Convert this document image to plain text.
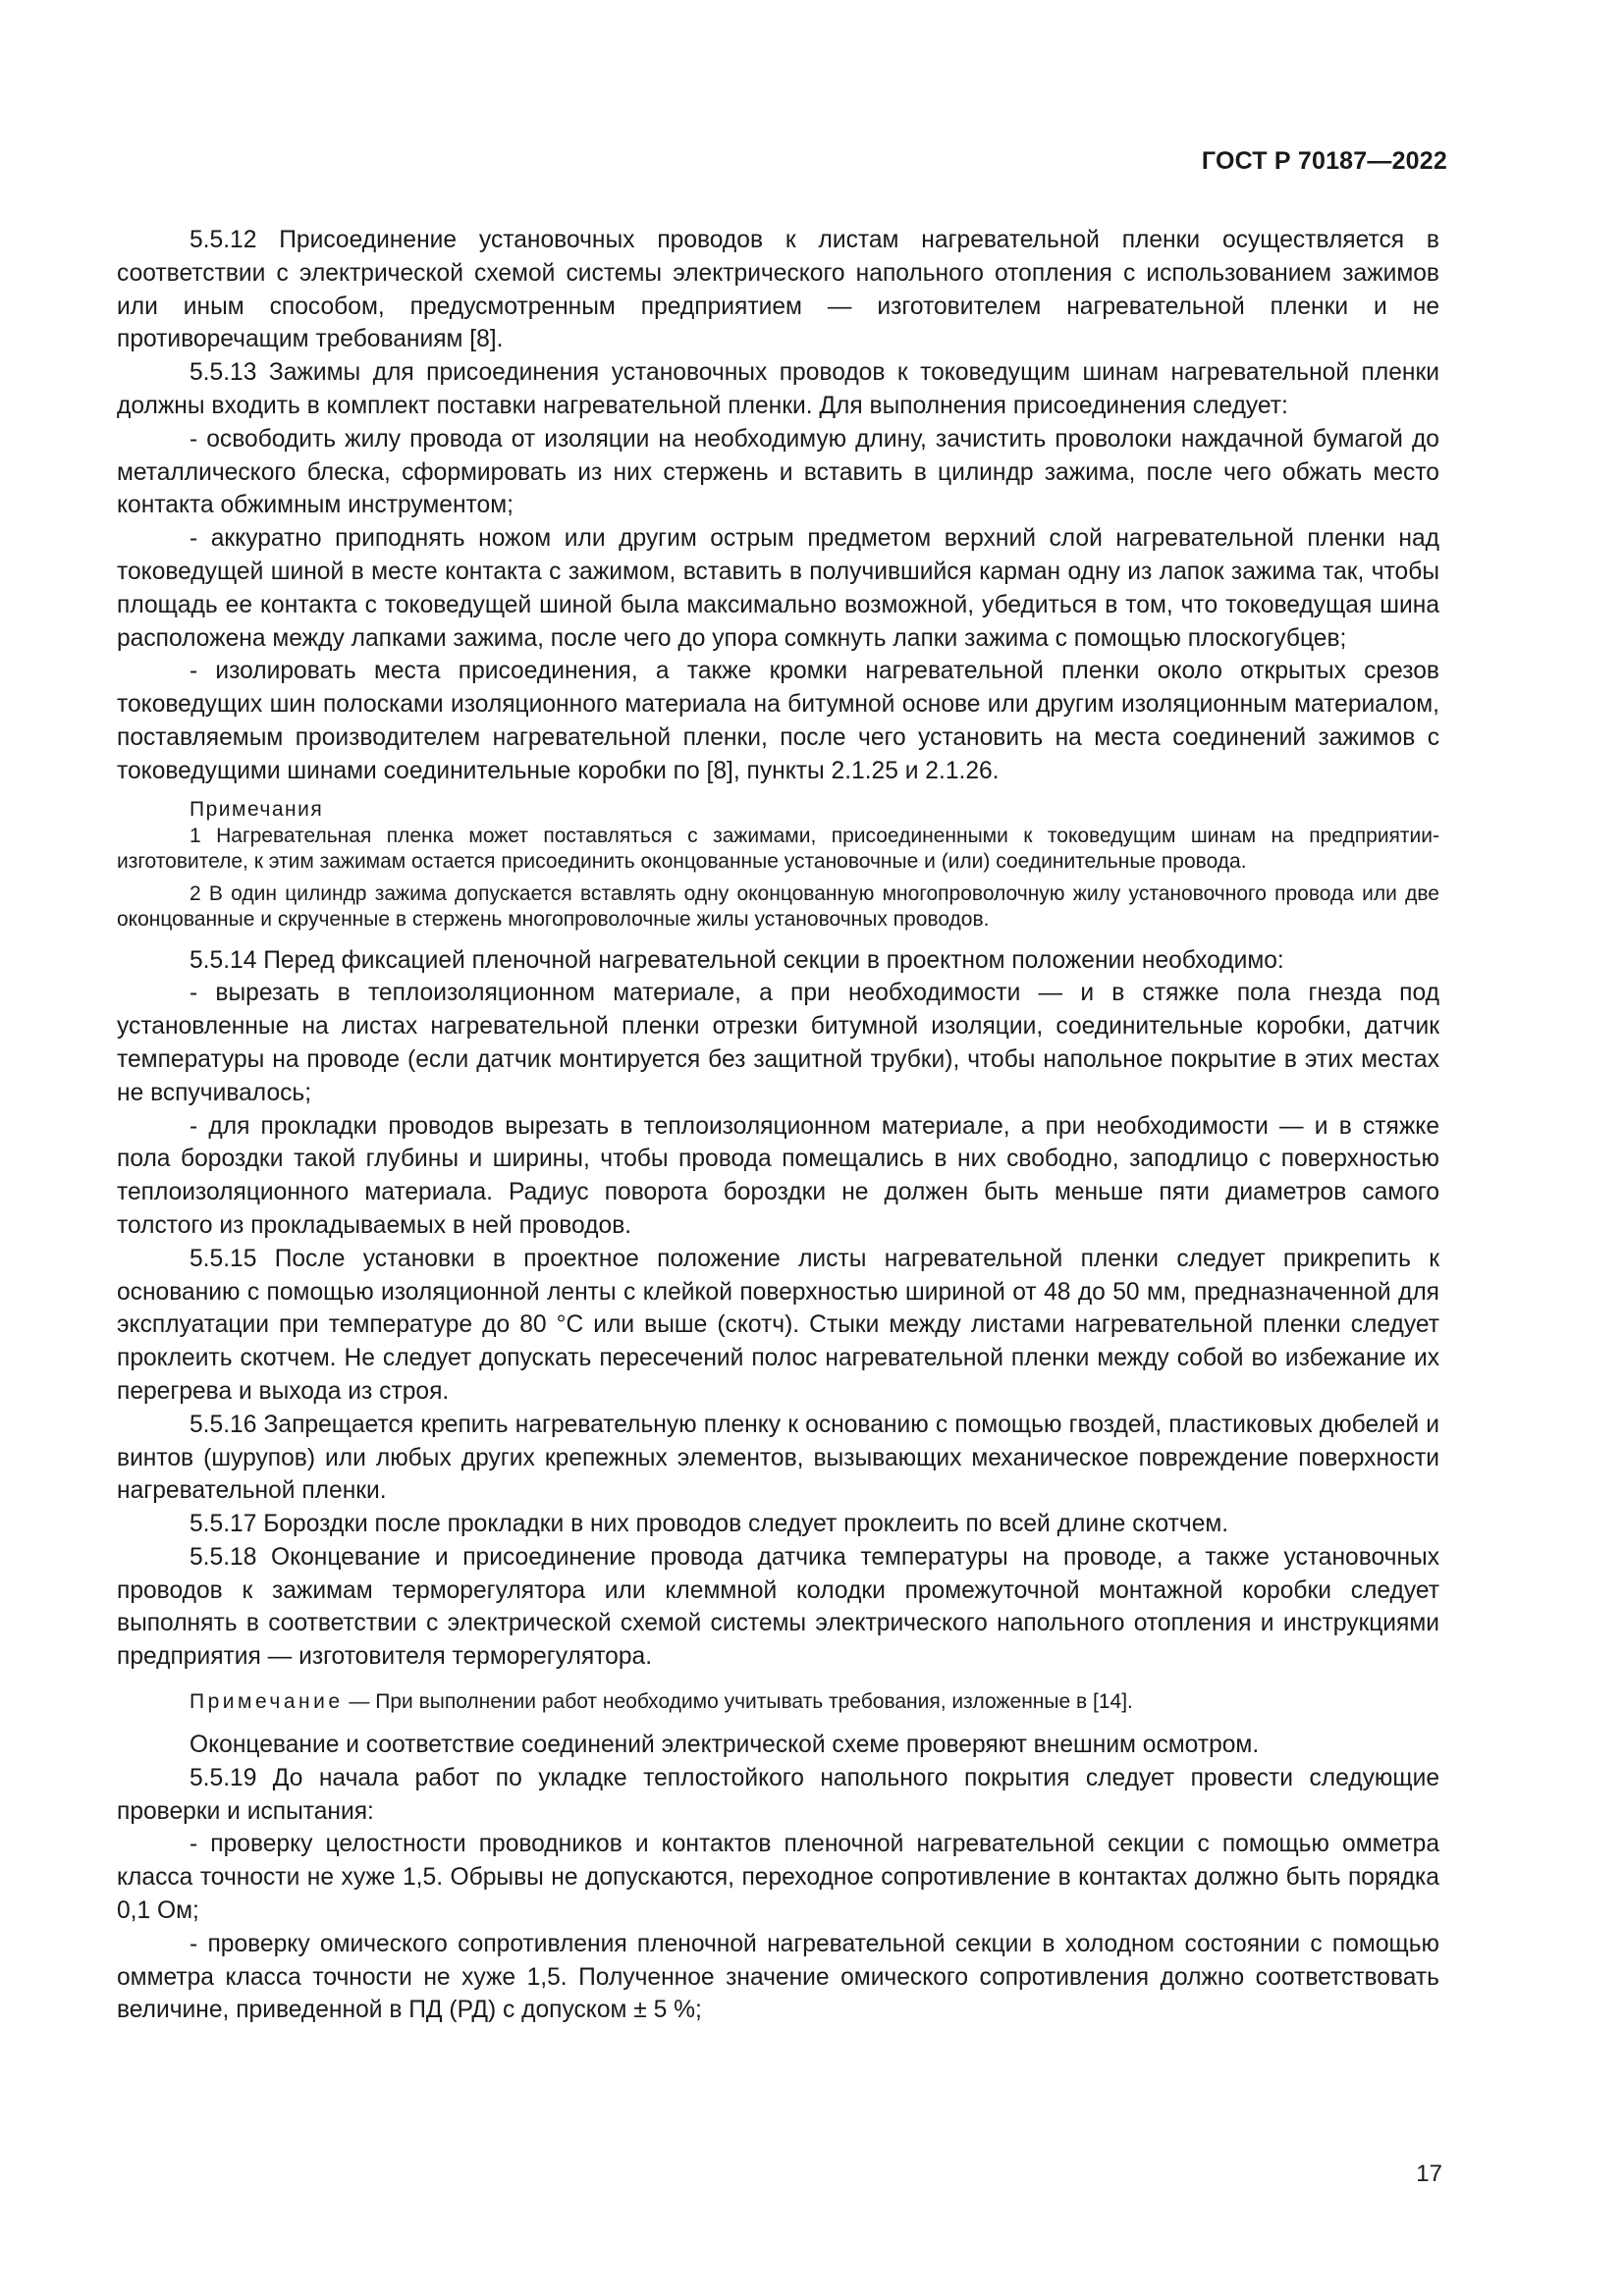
ГОСТ Р 70187—2022

5.5.12 Присоединение установочных проводов к листам нагревательной пленки осуществляется в соответствии с электрической схемой системы электрического напольного отопления с использованием зажимов или иным способом, предусмотренным предприятием — изготовителем нагревательной пленки и не противоречащим требованиям [8].

5.5.13 Зажимы для присоединения установочных проводов к токоведущим шинам нагревательной пленки должны входить в комплект поставки нагревательной пленки. Для выполнения присоединения следует:

- освободить жилу провода от изоляции на необходимую длину, зачистить проволоки наждачной бумагой до металлического блеска, сформировать из них стержень и вставить в цилиндр зажима, после чего обжать место контакта обжимным инструментом;

- аккуратно приподнять ножом или другим острым предметом верхний слой нагревательной пленки над токоведущей шиной в месте контакта с зажимом, вставить в получившийся карман одну из лапок зажима так, чтобы площадь ее контакта с токоведущей шиной была максимально возможной, убедиться в том, что токоведущая шина расположена между лапками зажима, после чего до упора сомкнуть лапки зажима с помощью плоскогубцев;

- изолировать места присоединения, а также кромки нагревательной пленки около открытых срезов токоведущих шин полосками изоляционного материала на битумной основе или другим изоляционным материалом, поставляемым производителем нагревательной пленки, после чего установить на места соединений зажимов с токоведущими шинами соединительные коробки по [8], пункты 2.1.25 и 2.1.26.

Примечания
1 Нагревательная пленка может поставляться с зажимами, присоединенными к токоведущим шинам на предприятии-изготовителе, к этим зажимам остается присоединить оконцованные установочные и (или) соединительные провода.
2 В один цилиндр зажима допускается вставлять одну оконцованную многопроволочную жилу установочного провода или две оконцованные и скрученные в стержень многопроволочные жилы установочных проводов.

5.5.14 Перед фиксацией пленочной нагревательной секции в проектном положении необходимо:

- вырезать в теплоизоляционном материале, а при необходимости — и в стяжке пола гнезда под установленные на листах нагревательной пленки отрезки битумной изоляции, соединительные коробки, датчик температуры на проводе (если датчик монтируется без защитной трубки), чтобы напольное покрытие в этих местах не вспучивалось;

- для прокладки проводов вырезать в теплоизоляционном материале, а при необходимости — и в стяжке пола бороздки такой глубины и ширины, чтобы провода помещались в них свободно, заподлицо с поверхностью теплоизоляционного материала. Радиус поворота бороздки не должен быть меньше пяти диаметров самого толстого из прокладываемых в ней проводов.

5.5.15 После установки в проектное положение листы нагревательной пленки следует прикрепить к основанию с помощью изоляционной ленты с клейкой поверхностью шириной от 48 до 50 мм, предназначенной для эксплуатации при температуре до 80 °С или выше (скотч). Стыки между листами нагревательной пленки следует проклеить скотчем. Не следует допускать пересечений полос нагревательной пленки между собой во избежание их перегрева и выхода из строя.

5.5.16 Запрещается крепить нагревательную пленку к основанию с помощью гвоздей, пластиковых дюбелей и винтов (шурупов) или любых других крепежных элементов, вызывающих механическое повреждение поверхности нагревательной пленки.

5.5.17 Бороздки после прокладки в них проводов следует проклеить по всей длине скотчем.

5.5.18 Оконцевание и присоединение провода датчика температуры на проводе, а также установочных проводов к зажимам терморегулятора или клеммной колодки промежуточной монтажной коробки следует выполнять в соответствии с электрической схемой системы электрического напольного отопления и инструкциями предприятия — изготовителя терморегулятора.

Примечание — При выполнении работ необходимо учитывать требования, изложенные в [14].

Оконцевание и соответствие соединений электрической схеме проверяют внешним осмотром.

5.5.19 До начала работ по укладке теплостойкого напольного покрытия следует провести следующие проверки и испытания:

- проверку целостности проводников и контактов пленочной нагревательной секции с помощью омметра класса точности не хуже 1,5. Обрывы не допускаются, переходное сопротивление в контактах должно быть порядка 0,1 Ом;

- проверку омического сопротивления пленочной нагревательной секции в холодном состоянии с помощью омметра класса точности не хуже 1,5. Полученное значение омического сопротивления должно соответствовать величине, приведенной в ПД (РД) с допуском ± 5 %;

17
